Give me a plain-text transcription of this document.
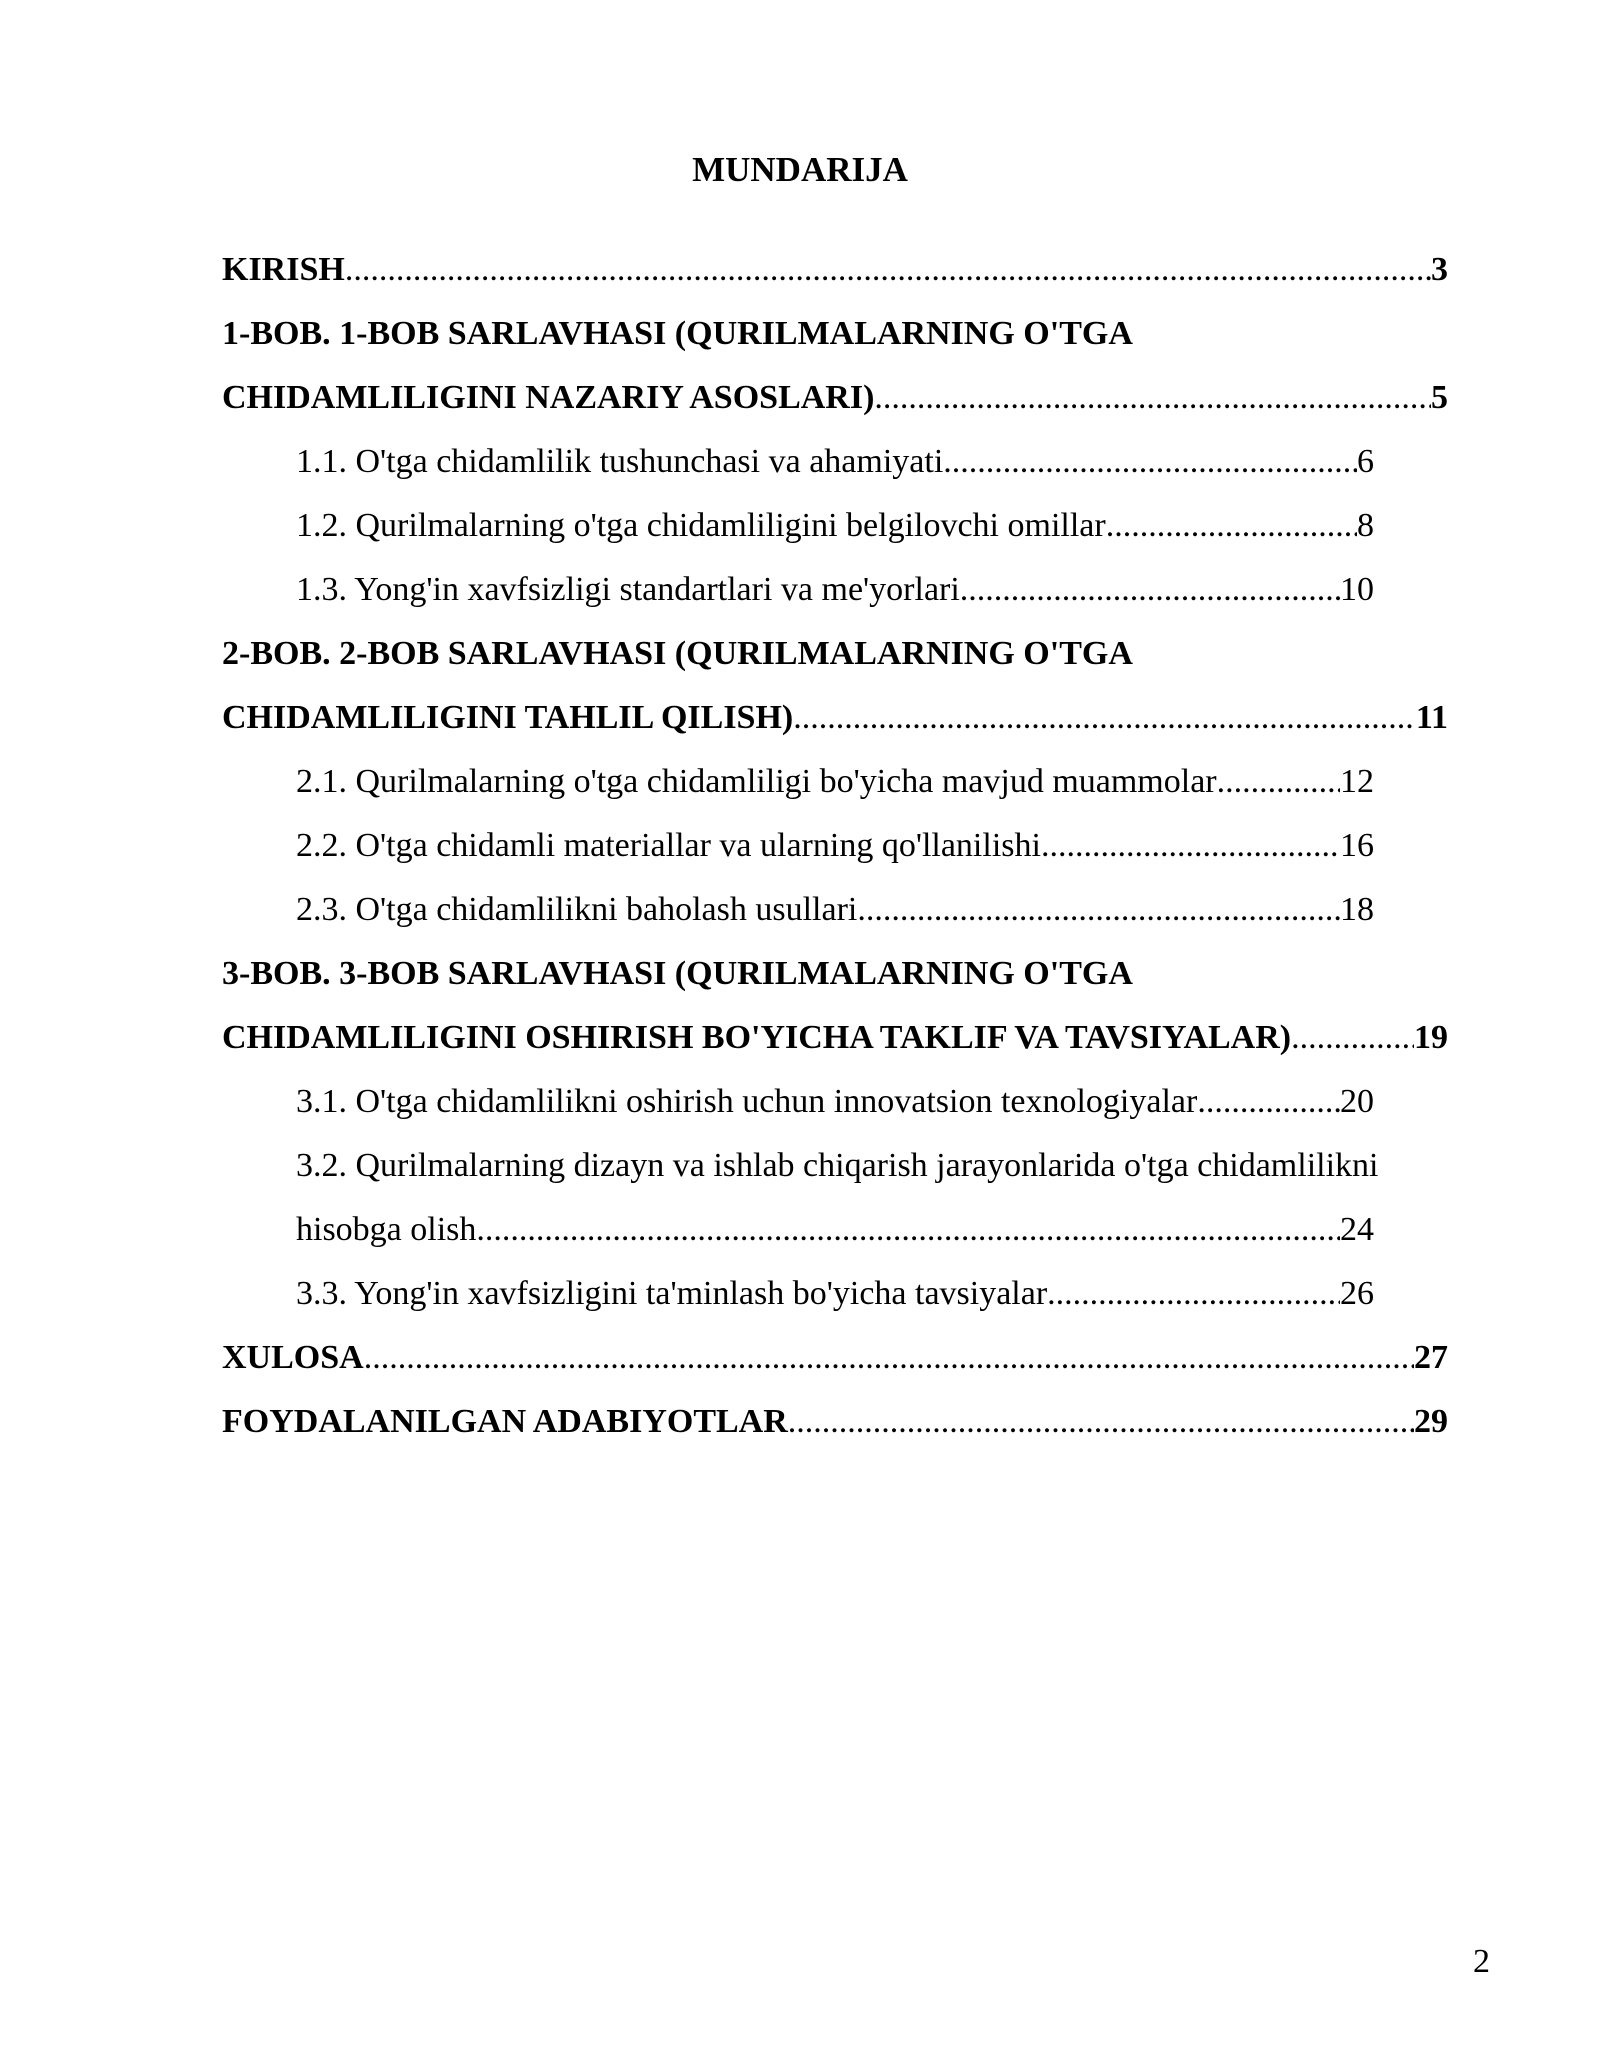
MUNDARIJA
KIRISH .....	3
1-BOB. 1-BOB SARLAVHASI (QURILMALARNING O'TGA
CHIDAMLILIGINI NAZARIY ASOSLARI) .....	5
1.1. O'tga chidamlilik tushunchasi va ahamiyati .....	6
1.2. Qurilmalarning o'tga chidamliligini belgilovchi omillar .....	8
1.3. Yong'in xavfsizligi standartlari va me'yorlari .....	10
2-BOB. 2-BOB SARLAVHASI (QURILMALARNING O'TGA
CHIDAMLILIGINI TAHLIL QILISH) .....	11
2.1. Qurilmalarning o'tga chidamliligi bo'yicha mavjud muammolar .....	12
2.2. O'tga chidamli materiallar va ularning qo'llanilishi .....	16
2.3. O'tga chidamlilikni baholash usullari .....	18
3-BOB. 3-BOB SARLAVHASI (QURILMALARNING O'TGA
CHIDAMLILIGINI OSHIRISH BO'YICHA TAKLIF VA TAVSIYALAR) .....	19
3.1. O'tga chidamlilikni oshirish uchun innovatsion texnologiyalar .....	20
3.2. Qurilmalarning dizayn va ishlab chiqarish jarayonlarida o'tga chidamlilikni
hisobga olish .....	24
3.3. Yong'in xavfsizligini ta'minlash bo'yicha tavsiyalar .....	26
XULOSA .....	27
FOYDALANILGAN ADABIYOTLAR .....	29
2
